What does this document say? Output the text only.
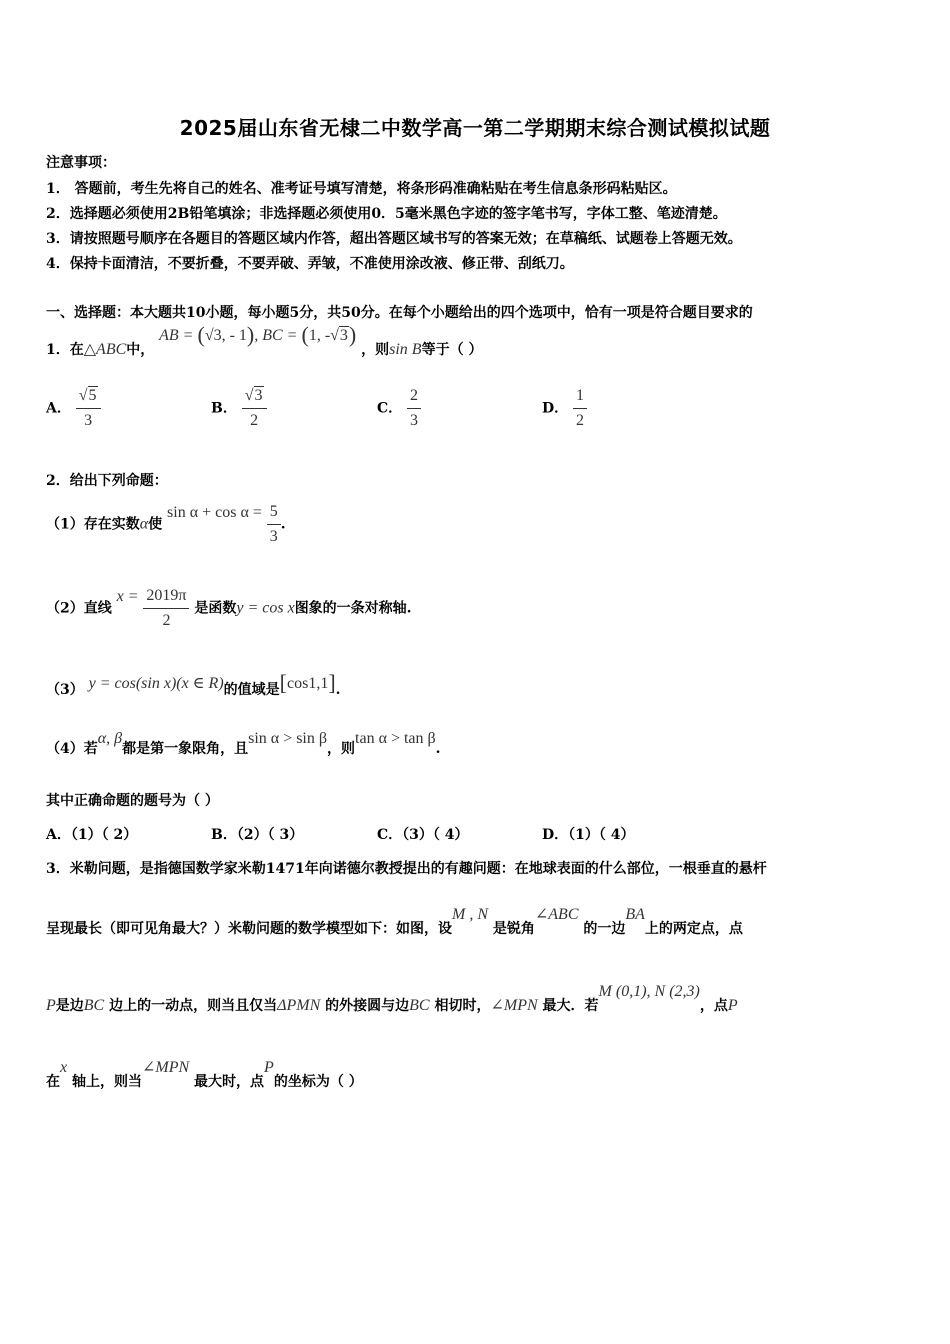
2025届山东省无棣二中数学高一第二学期期末综合测试模拟试题
注意事项：
1． 答题前，考生先将自己的姓名、准考证号填写清楚，将条形码准确粘贴在考生信息条形码粘贴区。
2．选择题必须使用2B铅笔填涂；非选择题必须使用0．5毫米黑色字迹的签字笔书写，字体工整、笔迹清楚。
3．请按照题号顺序在各题目的答题区域内作答，超出答题区域书写的答案无效；在草稿纸、试题卷上答题无效。
4．保持卡面清洁，不要折叠，不要弄破、弄皱，不准使用涂改液、修正带、刮纸刀。
一、选择题：本大题共10小题，每小题5分，共50分。在每个小题给出的四个选项中，恰有一项是符合题目要求的
1．在△ABC中， AB = (√3, - 1), BC = (1, -√3) ，则sin B等于（ ）
A． $\frac{√5}{3}$	B． $\frac{√3}{2}$	C． $\frac{2}{3}$	D． $\frac{1}{2}$
2．给出下列命题：
（1）存在实数α使 $\sin \alpha + \cos \alpha = \frac{5}{3}$ .
（2）直线 $x = \frac{2019\pi}{2}$ 是函数y = cos x图象的一条对称轴.
（3） y = cos(sin x)(x ∈ R)的值域是[cos1,1].
（4）若α, β都是第一象限角，且sin α > sin β，则tan α > tan β.
其中正确命题的题号为（ ）
A．（1）（ 2）	B．（2）（ 3）	C．（3）（ 4）	D．（1）（ 4）
3．米勒问题，是指德国数学家米勒1471年向诺德尔教授提出的有趣问题：在地球表面的什么部位，一根垂直的悬杆
呈现最长（即可见角最大？）米勒问题的数学模型如下：如图，设M , N 是锐角∠ABC 的一边BA上的两定点，点
P是边BC 边上的一动点，则当且仅当ΔPMN 的外接圆与边BC 相切时，∠MPN 最大．若M (0,1), N (2,3)，点P
在x 轴上，则当∠MPN 最大时，点P的坐标为（ ）
